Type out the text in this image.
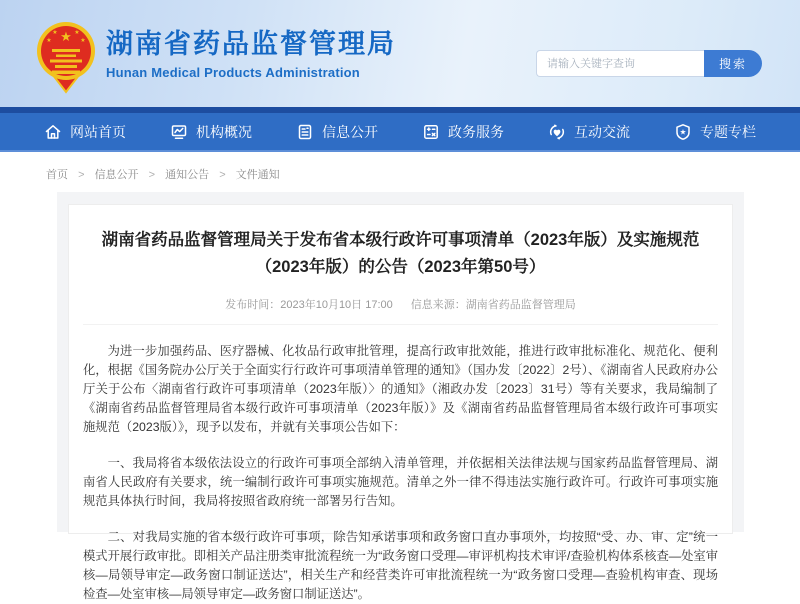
★
★	★
★	★ 湖南省药品监督管理局
Hunan Medical Products Administration
请输入关键字查询
搜索
网站首页	机构概况	信息公开	政务服务	互动交流	★ 专题专栏
首页 > 信息公开 > 通知公告 > 文件通知
湖南省药品监督管理局关于发布省本级行政许可事项清单（2023年版）及实施规范（2023年版）的公告（2023年第50号）
发布时间：2023年10月10日 17:00 信息来源：湖南省药品监督管理局

为进一步加强药品、医疗器械、化妆品行政审批管理，提高行政审批效能，推进行政审批标准化、规范化、便利化，根据《国务院办公厅关于全面实行行政许可事项清单管理的通知》（国办发〔2022〕2号）、《湖南省人民政府办公厅关于公布〈湖南省行政许可事项清单（2023年版）〉的通知》（湘政办发〔2023〕31号）等有关要求，我局编制了《湖南省药品监督管理局省本级行政许可事项清单（2023年版）》及《湖南省药品监督管理局省本级行政许可事项实施规范（2023版）》，现予以发布，并就有关事项公告如下：

一、我局将省本级依法设立的行政许可事项全部纳入清单管理，并依据相关法律法规与国家药品监督管理局、湖南省人民政府有关要求，统一编制行政许可事项实施规范。清单之外一律不得违法实施行政许可。行政许可事项实施规范具体执行时间，我局将按照省政府统一部署另行告知。

二、对我局实施的省本级行政许可事项，除告知承诺事项和政务窗口直办事项外，均按照“受、办、审、定”统一模式开展行政审批。即相关产品注册类审批流程统一为“政务窗口受理—审评机构技术审评/查验机构体系核查—处室审核—局领导审定—政务窗口制证送达”，相关生产和经营类许可审批流程统一为“政务窗口受理—查验机构审查、现场检查—处室审核—局领导审定—政务窗口制证送达”。
